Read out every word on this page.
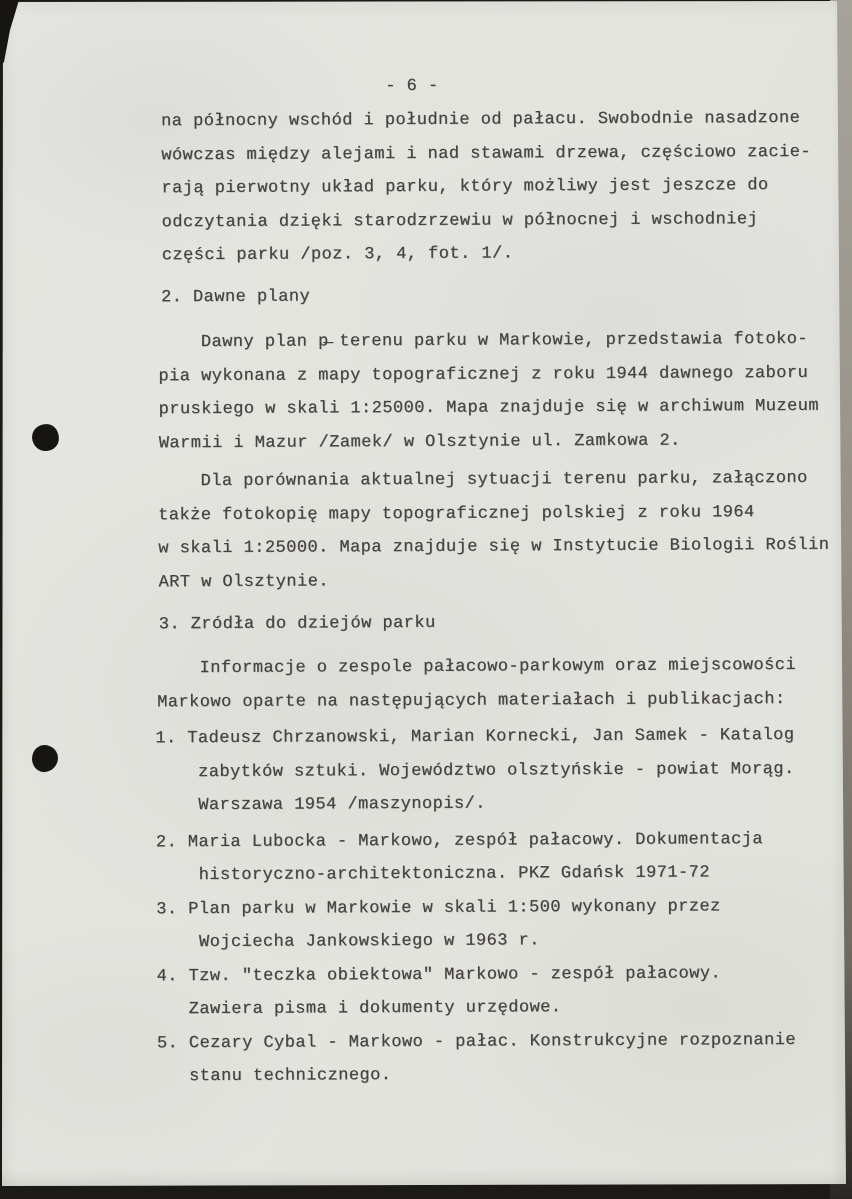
- 6 -
na północny wschód i południe od pałacu. Swobodnie nasadzone
wówczas między alejami i nad stawami drzewa, częściowo zacie-
rają pierwotny układ parku, który możliwy jest jeszcze do
odczytania dzięki starodzrzewiu w północnej i wschodniej
części parku /poz. 3, 4, fot. 1/.
2. Dawne plany
Dawny plan p̶ terenu parku w Markowie, przedstawia fotoko-
pia wykonana z mapy topograficznej z roku 1944 dawnego zaboru
pruskiego w skali 1:25000. Mapa znajduje się w archiwum Muzeum
Warmii i Mazur /Zamek/ w Olsztynie ul. Zamkowa 2.
Dla porównania aktualnej sytuacji terenu parku, załączono
także fotokopię mapy topograficznej polskiej z roku 1964
w skali 1:25000. Mapa znajduje się w Instytucie Biologii Roślin
ART w Olsztynie.
3. Zródła do dziejów parku
Informacje o zespole pałacowo-parkowym oraz miejscowości
Markowo oparte na następujących materiałach i publikacjach:
1. Tadeusz Chrzanowski, Marian Kornecki, Jan Samek - Katalog
zabytków sztuki. Województwo olsztyńskie - powiat Morąg.
Warszawa 1954 /maszynopis/.
2. Maria Lubocka - Markowo, zespół pałacowy. Dokumentacja
historyczno-architektoniczna. PKZ Gdańsk 1971-72
3. Plan parku w Markowie w skali 1:500 wykonany przez
Wojciecha Jankowskiego w 1963 r.
4. Tzw. "teczka obiektowa" Markowo - zespół pałacowy.
Zawiera pisma i dokumenty urzędowe.
5. Cezary Cybal - Markowo - pałac. Konstrukcyjne rozpoznanie
stanu technicznego.
